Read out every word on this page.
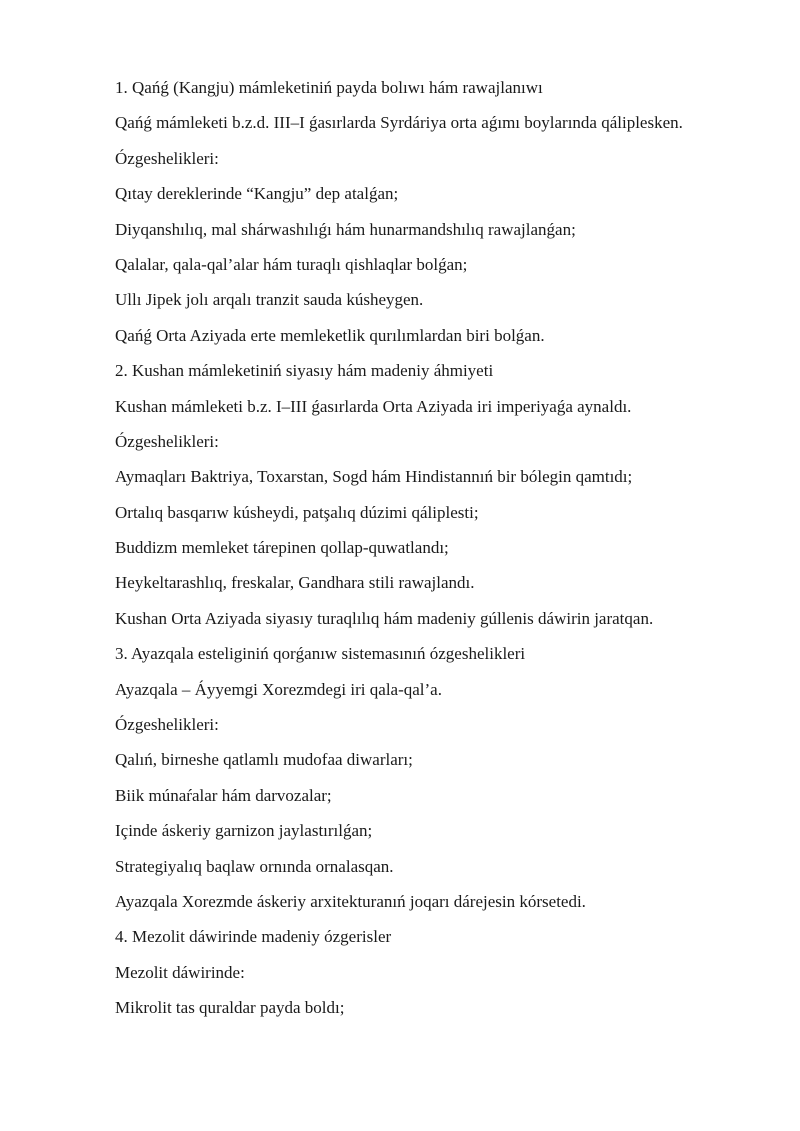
1. Qańǵ (Kangju) mámleketiniń payda bolıwı hám rawajlanıwı

Qańǵ mámleketi b.z.d. III–I ǵasırlarda Syrdáriya orta aǵımı boylarında qáliplesken.

Ózgeshelikleri:

Qıtay dereklerinde “Kangju” dep atalǵan;

Diyqanshılıq, mal shárwashılıǵı hám hunarmandshılıq rawajlanǵan;

Qalalar, qala-qal’alar hám turaqlı qishlaqlar bolǵan;

Ullı Jipek jolı arqalı tranzit sauda kúsheygen.

Qańǵ Orta Aziyada erte memleketlik qurılımlardan biri bolǵan.

2. Kushan mámleketiniń siyasıy hám madeniy áhmiyeti

Kushan mámleketi b.z. I–III ǵasırlarda Orta Aziyada iri imperiyaǵa aynaldı.

Ózgeshelikleri:

Aymaqları Baktriya, Toxarstan, Sogd hám Hindistannıń bir bólegin qamtıdı;

Ortalıq basqarıw kúsheydi, patşalıq dúzimi qáliplesti;

Buddizm memleket tárepinen qollap-quwatlandı;

Heykeltarashlıq, freskalar, Gandhara stili rawajlandı.

Kushan Orta Aziyada siyasıy turaqlılıq hám madeniy gúllenis dáwirin jaratqan.

3. Ayazqala esteliginiń qorǵanıw sistemasınıń ózgeshelikleri

Ayazqala – Áyyemgi Xorezmdegi iri qala-qal’a.

Ózgeshelikleri:

Qalıń, birneshe qatlamlı mudofaa diwarları;

Biik múnaŕalar hám darvozalar;

Içinde áskeriy garnizon jaylastırılǵan;

Strategiyalıq baqlaw ornında ornalasqan.

Ayazqala Xorezmde áskeriy arxitekturanıń joqarı dárejesin kórsetedi.

4. Mezolit dáwirinde madeniy ózgerisler

Mezolit dáwirinde:

Mikrolit tas quraldar payda boldı;
